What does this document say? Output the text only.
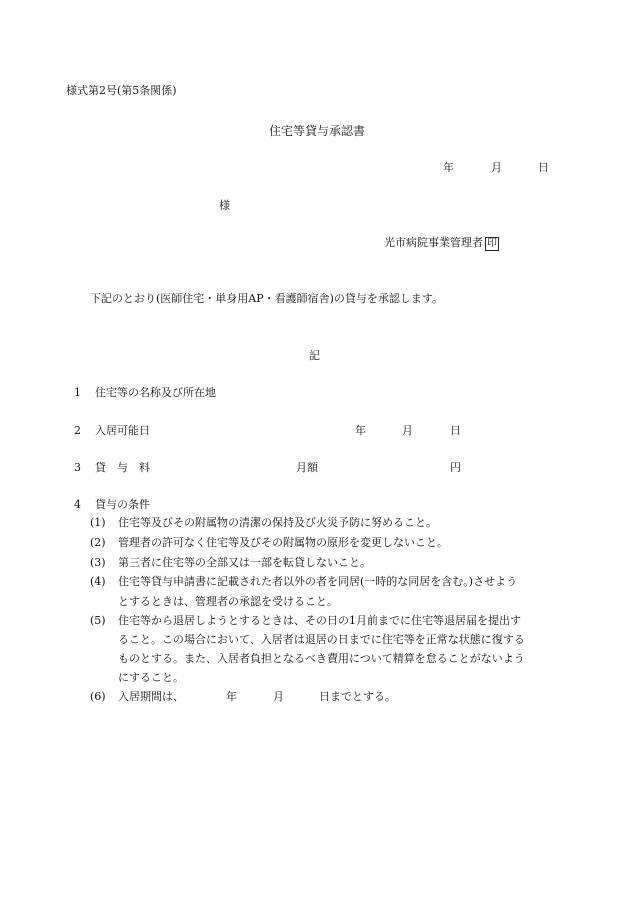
様式第2号(第5条関係)
住宅等貸与承認書
年	月	日
様
光市病院事業管理者 印
下記のとおり(医師住宅・単身用AP・看護師宿舎)の貸与を承認します。
記
1 住宅等の名称及び所在地
2 入居可能日	年	月	日
3 貸　与　料	月額	円
4 貸与の条件
(1) 住宅等及びその附属物の清潔の保持及び火災予防に努めること。
(2) 管理者の許可なく住宅等及びその附属物の原形を変更しないこと。
(3) 第三者に住宅等の全部又は一部を転貸しないこと。
(4) 住宅等貸与申請書に記載された者以外の者を同居(一時的な同居を含む。)させよう
とするときは、管理者の承認を受けること。
(5) 住宅等から退居しようとするときは、その日の1月前までに住宅等退居届を提出す
ること。この場合において、入居者は退居の日までに住宅等を正常な状態に復する
ものとする。また、入居者負担となるべき費用について精算を怠ることがないよう
にすること。
(6) 入居期間は、	年	月	日までとする。
